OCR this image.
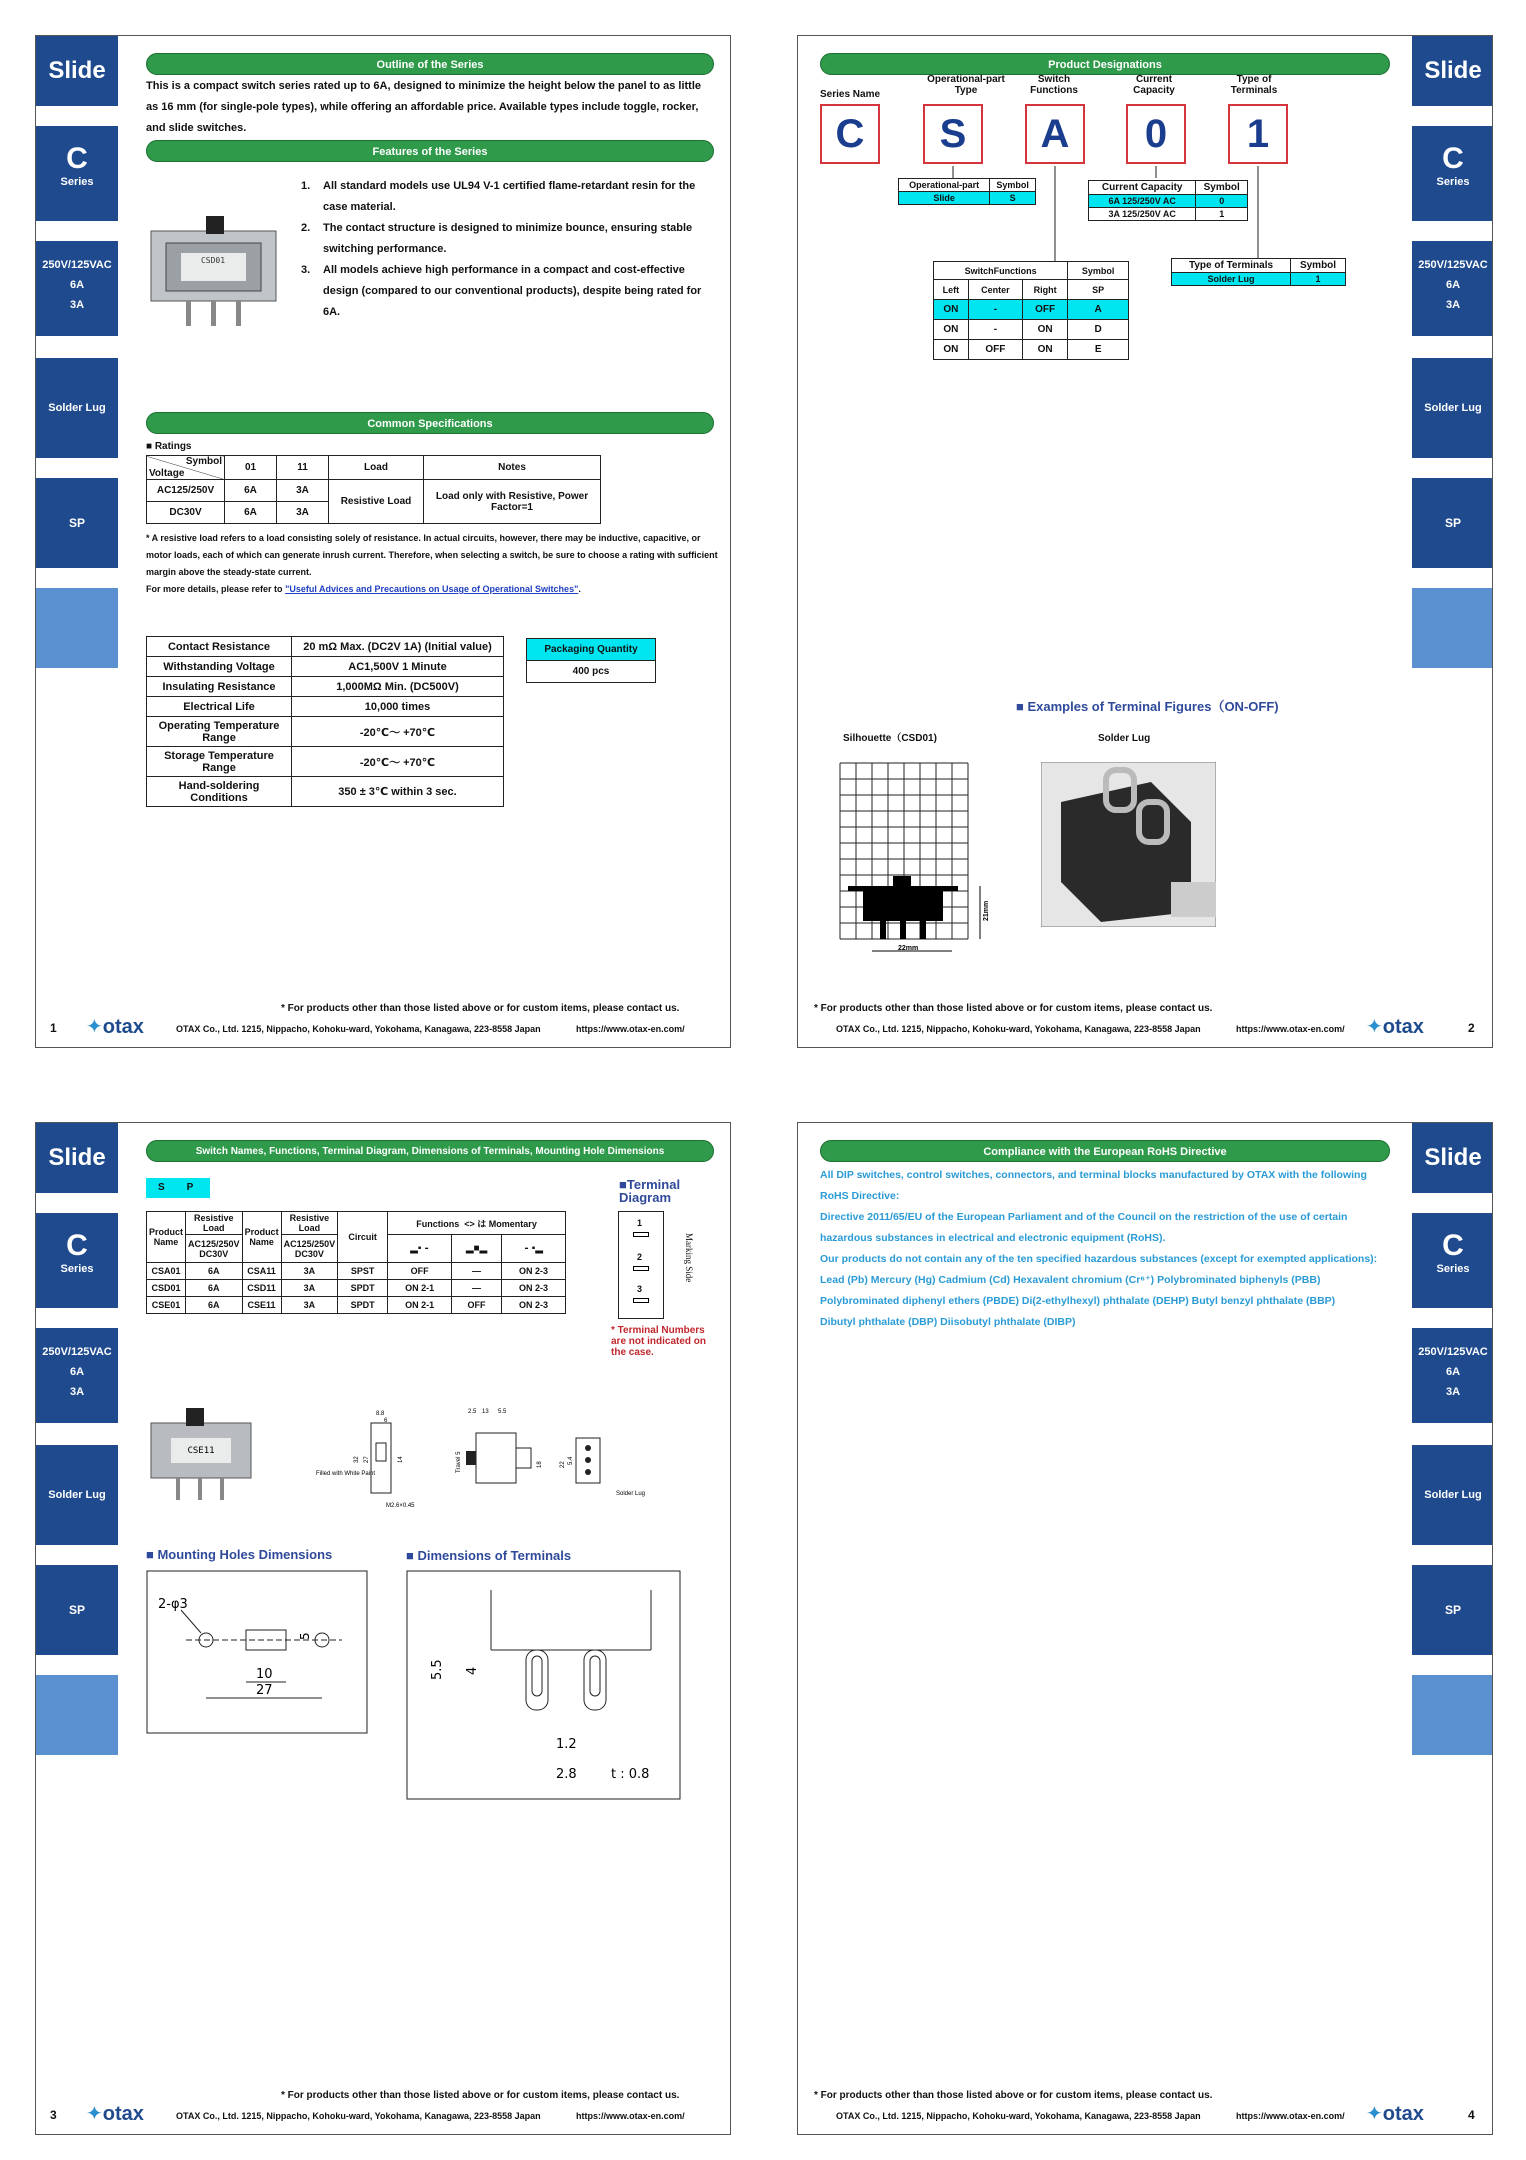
Slide
C
Series
250V/125VAC
6A
3A
Solder Lug
SP
Outline of the Series
This is a compact switch series rated up to 6A, designed to minimize the height below the panel to as little as 16 mm (for single-pole types), while offering an affordable price. Available types include toggle, rocker, and slide switches.
Features of the Series
CSD01
1. All standard models use UL94 V-1 certified flame-retardant resin for the case material.
2. The contact structure is designed to minimize bounce, ensuring stable switching performance.
3. All models achieve high performance in a compact and cost-effective design (compared to our conventional products), despite being rated for 6A.
Common Specifications
■ Ratings
Symbol
Voltage	01	11	Load	Notes
AC125/250V	6A	3A	Resistive Load	Load only with Resistive, Power Factor=1
DC30V	6A	3A		
* A resistive load refers to a load consisting solely of resistance. In actual circuits, however, there may be inductive, capacitive, or motor loads, each of which can generate inrush current. Therefore, when selecting a switch, be sure to choose a rating with sufficient margin above the steady-state current.
For more details, please refer to "Useful Advices and Precautions on Usage of Operational Switches".
Contact Resistance	20 mΩ Max. (DC2V 1A) (Initial value)
Withstanding Voltage	AC1,500V 1 Minute
Insulating Resistance	1,000MΩ Min. (DC500V)
Electrical Life	10,000 times
Operating Temperature Range	-20℃～ +70℃
Storage Temperature Range	-20℃～ +70℃
Hand-soldering Conditions	350 ± 3℃ within 3 sec.
Packaging Quantity
400 pcs
* For products other than those listed above or for custom items, please contact us.
1 ✦otax	OTAX Co., Ltd. 1215, Nippacho, Kohoku-ward, Yokohama, Kanagawa, 223-8558 Japan	https://www.otax-en.com/
Slide
C
Series
250V/125VAC
6A
3A
Solder Lug
SP
Product Designations
Series Name
Operational-part Type
Switch Functions
Current Capacity
Type of Terminals
C	S	A	0	1
Operational-part	Symbol
Slide	S
Current Capacity	Symbol
6A 125/250V AC	0
3A 125/250V AC	1
Type of Terminals	Symbol
Solder Lug	1
SwitchFunctions			Symbol
Left	Center	Right	SP
ON	-	OFF	A
ON	-	ON	D
ON	OFF	ON	E
■ Examples of Terminal Figures（ON-OFF)
Silhouette（CSD01)	Solder Lug
21mm
22mm
* For products other than those listed above or for custom items, please contact us.
OTAX Co., Ltd. 1215, Nippacho, Kohoku-ward, Yokohama, Kanagawa, 223-8558 Japan	https://www.otax-en.com/ ✦otax	2
Slide
C
Series
250V/125VAC
6A
3A
Solder Lug
SP
Switch Names, Functions, Terminal Diagram, Dimensions of Terminals, Mounting Hole Dimensions
S P
Product Name	Resistive Load	Product Name	Resistive Load	Circuit	Functions <> は Momentary		
	AC125/250V DC30V		AC125/250V DC30V		▂▪ ⁃	▂■▂	⁃ ▪▂
CSA01	6A	CSA11	3A	SPST	OFF	—	ON 2-3
CSD01	6A	CSD11	3A	SPDT	ON 2-1	—	ON 2-3
CSE01	6A	CSE11	3A	SPDT	ON 2-1	OFF	ON 2-3
■Terminal Diagram
1
2
3
Marking Side
* Terminal Numbers are not indicated on the case.
CSE11
Filled with White Paint
8.8
6
32 27	14
M2.6×0.45
2.5 13 5.5
Travel 5	18	22 5.4
Solder Lug
■ Mounting Holes Dimensions	■ Dimensions of Terminals
2-φ3
5
10
27
5.5 4
1.2
2.8	t : 0.8
* For products other than those listed above or for custom items, please contact us.
3 ✦otax	OTAX Co., Ltd. 1215, Nippacho, Kohoku-ward, Yokohama, Kanagawa, 223-8558 Japan	https://www.otax-en.com/
Slide
C
Series
250V/125VAC
6A
3A
Solder Lug
SP
Compliance with the European RoHS Directive
All DIP switches, control switches, connectors, and terminal blocks manufactured by OTAX with the following RoHS Directive:
Directive 2011/65/EU of the European Parliament and of the Council on the restriction of the use of certain hazardous substances in electrical and electronic equipment (RoHS).
Our products do not contain any of the ten specified hazardous substances (except for exempted applications):
Lead (Pb) Mercury (Hg) Cadmium (Cd) Hexavalent chromium (Cr⁶⁺) Polybrominated biphenyls (PBB)
Polybrominated diphenyl ethers (PBDE) Di(2-ethylhexyl) phthalate (DEHP) Butyl benzyl phthalate (BBP)
Dibutyl phthalate (DBP) Diisobutyl phthalate (DIBP)
* For products other than those listed above or for custom items, please contact us.
OTAX Co., Ltd. 1215, Nippacho, Kohoku-ward, Yokohama, Kanagawa, 223-8558 Japan	https://www.otax-en.com/ ✦otax	4
